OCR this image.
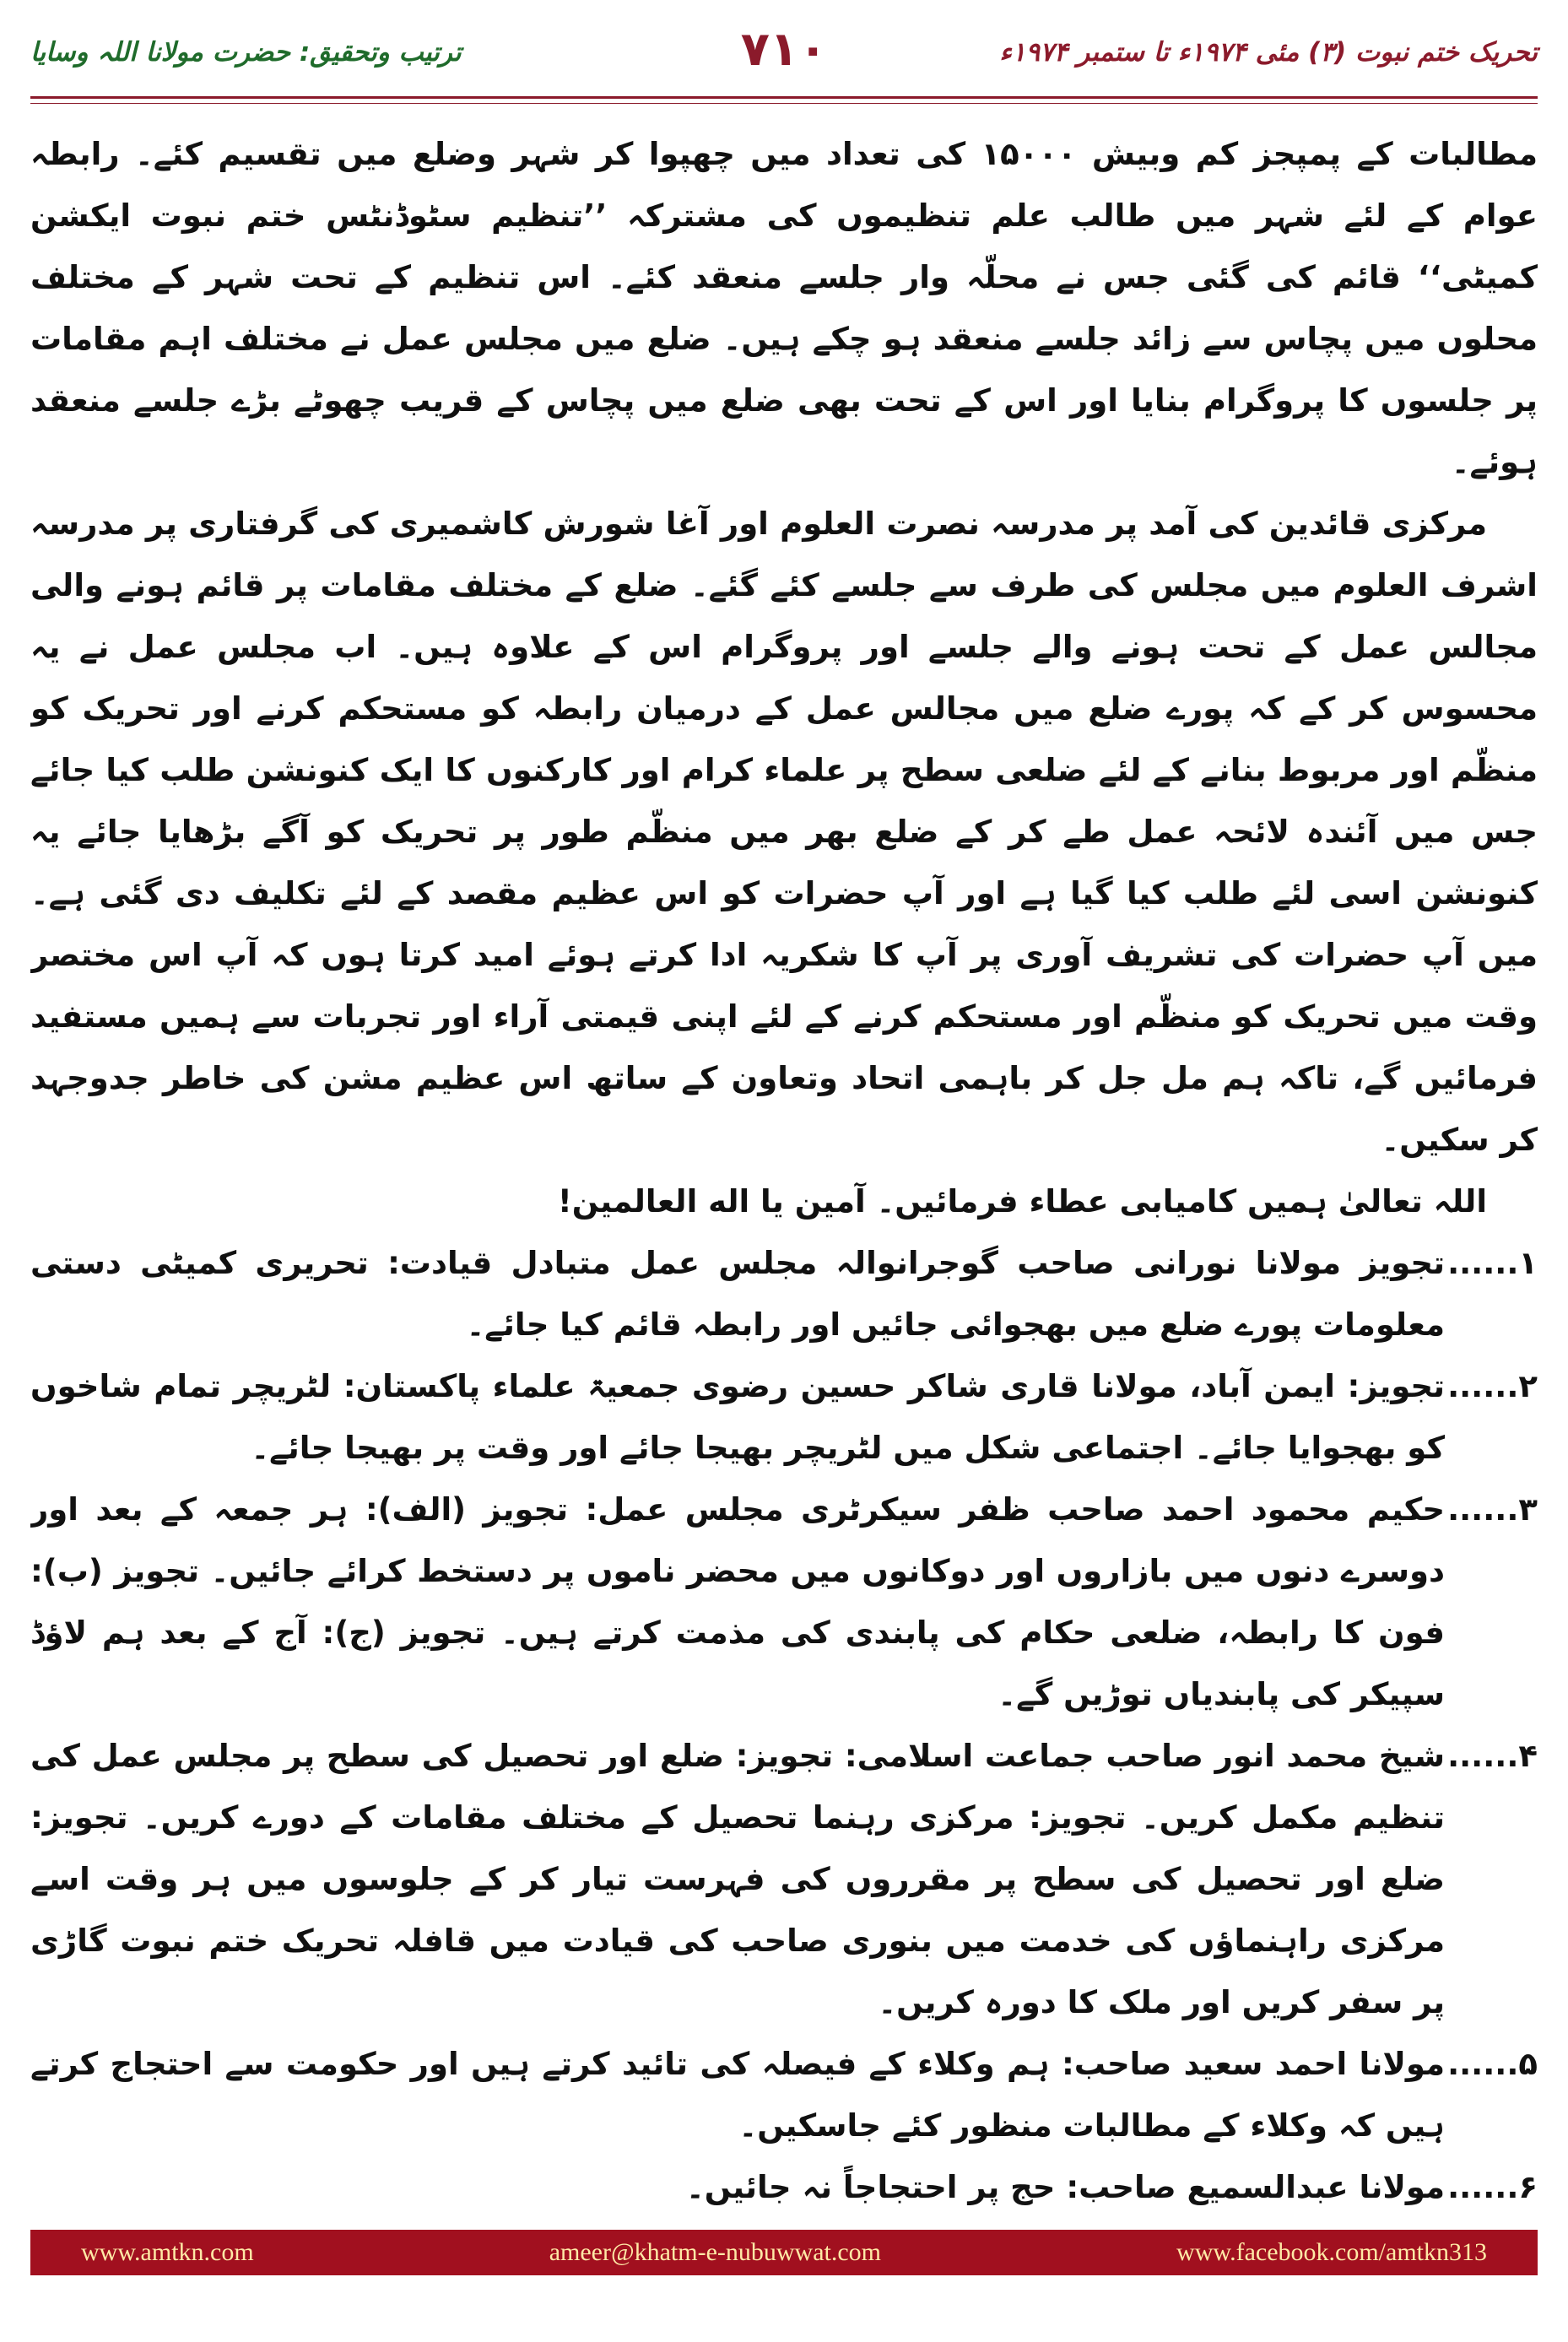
تحریک ختم نبوت (۳) مئی ۱۹۷۴ء تا ستمبر ۱۹۷۴ء
۷۱۰
ترتیب وتحقیق: حضرت مولانا اللہ وسایا

مطالبات کے پمپجز کم وبیش ۱۵۰۰۰ کی تعداد میں چھپوا کر شہر وضلع میں تقسیم کئے۔ رابطہ عوام کے لئے شہر میں طالب علم تنظیموں کی مشترکہ ’’تنظیم سٹوڈنٹس ختم نبوت ایکشن کمیٹی‘‘ قائم کی گئی جس نے محلّہ وار جلسے منعقد کئے۔ اس تنظیم کے تحت شہر کے مختلف محلوں میں پچاس سے زائد جلسے منعقد ہو چکے ہیں۔ ضلع میں مجلس عمل نے مختلف اہم مقامات پر جلسوں کا پروگرام بنایا اور اس کے تحت بھی ضلع میں پچاس کے قریب چھوٹے بڑے جلسے منعقد ہوئے۔

مرکزی قائدین کی آمد پر مدرسہ نصرت العلوم اور آغا شورش کاشمیری کی گرفتاری پر مدرسہ اشرف العلوم میں مجلس کی طرف سے جلسے کئے گئے۔ ضلع کے مختلف مقامات پر قائم ہونے والی مجالس عمل کے تحت ہونے والے جلسے اور پروگرام اس کے علاوہ ہیں۔ اب مجلس عمل نے یہ محسوس کر کے کہ پورے ضلع میں مجالس عمل کے درمیان رابطہ کو مستحکم کرنے اور تحریک کو منظّم اور مربوط بنانے کے لئے ضلعی سطح پر علماء کرام اور کارکنوں کا ایک کنونشن طلب کیا جائے جس میں آئندہ لائحہ عمل طے کر کے ضلع بھر میں منظّم طور پر تحریک کو آگے بڑھایا جائے یہ کنونشن اسی لئے طلب کیا گیا ہے اور آپ حضرات کو اس عظیم مقصد کے لئے تکلیف دی گئی ہے۔ میں آپ حضرات کی تشریف آوری پر آپ کا شکریہ ادا کرتے ہوئے امید کرتا ہوں کہ آپ اس مختصر وقت میں تحریک کو منظّم اور مستحکم کرنے کے لئے اپنی قیمتی آراء اور تجربات سے ہمیں مستفید فرمائیں گے، تاکہ ہم مل جل کر باہمی اتحاد وتعاون کے ساتھ اس عظیم مشن کی خاطر جدوجہد کر سکیں۔

اللہ تعالیٰ ہمیں کامیابی عطاء فرمائیں۔ آمین یا اله العالمین!

۱......
تجویز مولانا نورانی صاحب گوجرانوالہ مجلس عمل متبادل قیادت: تحریری کمیٹی دستی معلومات پورے ضلع میں بھجوائی جائیں اور رابطہ قائم کیا جائے۔
۲......
تجویز: ایمن آباد، مولانا قاری شاکر حسین رضوی جمعیۃ علماء پاکستان: لٹریچر تمام شاخوں کو بھجوایا جائے۔ اجتماعی شکل میں لٹریچر بھیجا جائے اور وقت پر بھیجا جائے۔
۳......
حکیم محمود احمد صاحب ظفر سیکرٹری مجلس عمل: تجویز (الف): ہر جمعہ کے بعد اور دوسرے دنوں میں بازاروں اور دوکانوں میں محضر ناموں پر دستخط کرائے جائیں۔ تجویز (ب): فون کا رابطہ، ضلعی حکام کی پابندی کی مذمت کرتے ہیں۔ تجویز (ج): آج کے بعد ہم لاؤڈ سپیکر کی پابندیاں توڑیں گے۔
۴......
شیخ محمد انور صاحب جماعت اسلامی: تجویز: ضلع اور تحصیل کی سطح پر مجلس عمل کی تنظیم مکمل کریں۔ تجویز: مرکزی رہنما تحصیل کے مختلف مقامات کے دورے کریں۔ تجویز: ضلع اور تحصیل کی سطح پر مقرروں کی فہرست تیار کر کے جلوسوں میں ہر وقت اسے مرکزی راہنماؤں کی خدمت میں بنوری صاحب کی قیادت میں قافلہ تحریک ختم نبوت گاڑی پر سفر کریں اور ملک کا دورہ کریں۔
۵......
مولانا احمد سعید صاحب: ہم وکلاء کے فیصلہ کی تائید کرتے ہیں اور حکومت سے احتجاج کرتے ہیں کہ وکلاء کے مطالبات منظور کئے جاسکیں۔
۶......
مولانا عبدالسمیع صاحب: حج پر احتجاجاً نہ جائیں۔
www.amtkn.com	ameer@khatm-e-nubuwwat.com	www.facebook.com/amtkn313
